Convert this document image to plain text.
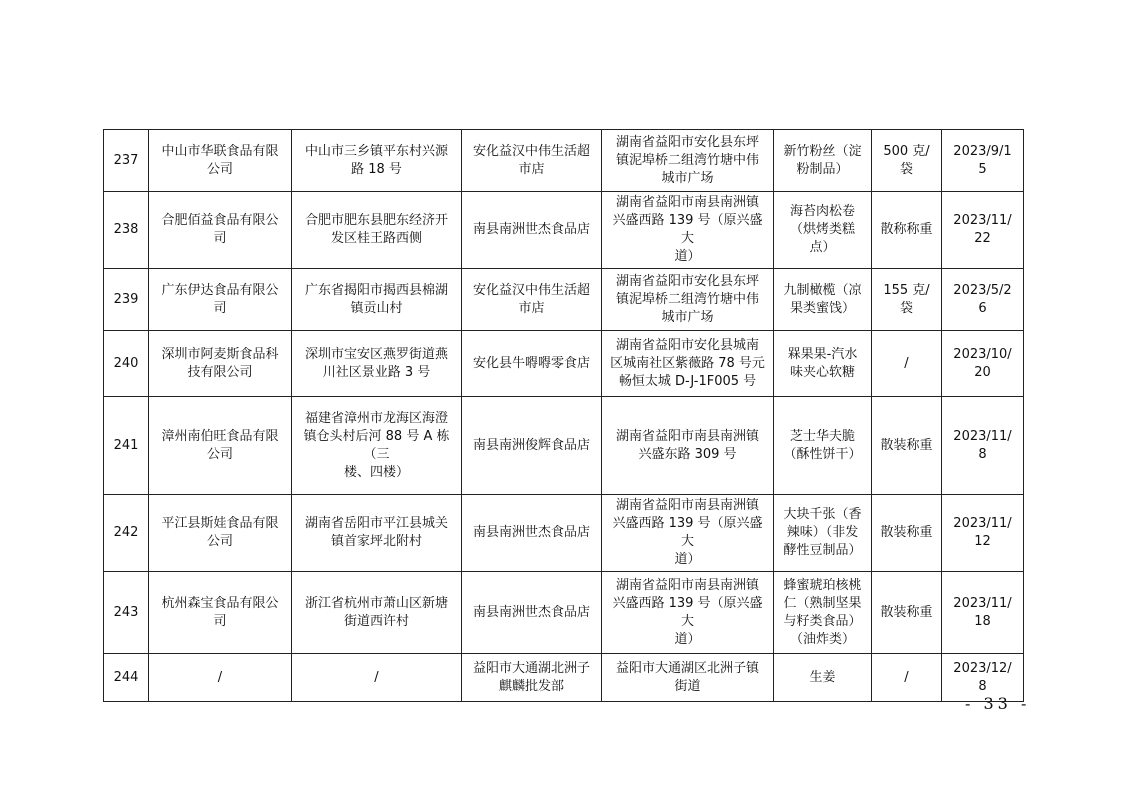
237	中山市华联食品有限
公司	中山市三乡镇平东村兴源
路 18 号	安化益汉中伟生活超
市店	湖南省益阳市安化县东坪
镇泥埠桥二组湾竹塘中伟
城市广场	新竹粉丝（淀
粉制品）	500 克/袋	2023/9/15
238	合肥佰益食品有限公
司	合肥市肥东县肥东经济开
发区桂王路西侧	南县南洲世杰食品店	湖南省益阳市南县南洲镇
兴盛西路 139 号（原兴盛大
道）	海苔肉松卷
（烘烤类糕
点）	散称称重	2023/11/22
239	广东伊达食品有限公
司	广东省揭阳市揭西县棉湖
镇贡山村	安化益汉中伟生活超
市店	湖南省益阳市安化县东坪
镇泥埠桥二组湾竹塘中伟
城市广场	九制橄榄（凉
果类蜜饯）	155 克/袋	2023/5/26
240	深圳市阿麦斯食品科
技有限公司	深圳市宝安区燕罗街道燕
川社区景业路 3 号	安化县牛嘚嘚零食店	湖南省益阳市安化县城南
区城南社区紫薇路 78 号元
畅恒太城 D-J-1F005 号	槑果果-汽水
味夹心软糖	/	2023/10/20
241	漳州南伯旺食品有限
公司	福建省漳州市龙海区海澄
镇仓头村后河 88 号 A 栋（三
楼、四楼）	南县南洲俊辉食品店	湖南省益阳市南县南洲镇
兴盛东路 309 号	芝士华夫脆
（酥性饼干）	散装称重	2023/11/8
242	平江县斯娃食品有限
公司	湖南省岳阳市平江县城关
镇首家坪北附村	南县南洲世杰食品店	湖南省益阳市南县南洲镇
兴盛西路 139 号（原兴盛大
道）	大块千张（香
辣味）（非发
酵性豆制品）	散装称重	2023/11/12
243	杭州森宝食品有限公
司	浙江省杭州市萧山区新塘
街道西许村	南县南洲世杰食品店	湖南省益阳市南县南洲镇
兴盛西路 139 号（原兴盛大
道）	蜂蜜琥珀核桃
仁（熟制坚果
与籽类食品）
（油炸类）	散装称重	2023/11/18
244	/	/	益阳市大通湖北洲子
麒麟批发部	益阳市大通湖区北洲子镇
街道	生姜	/	2023/12/8
- 33 -
